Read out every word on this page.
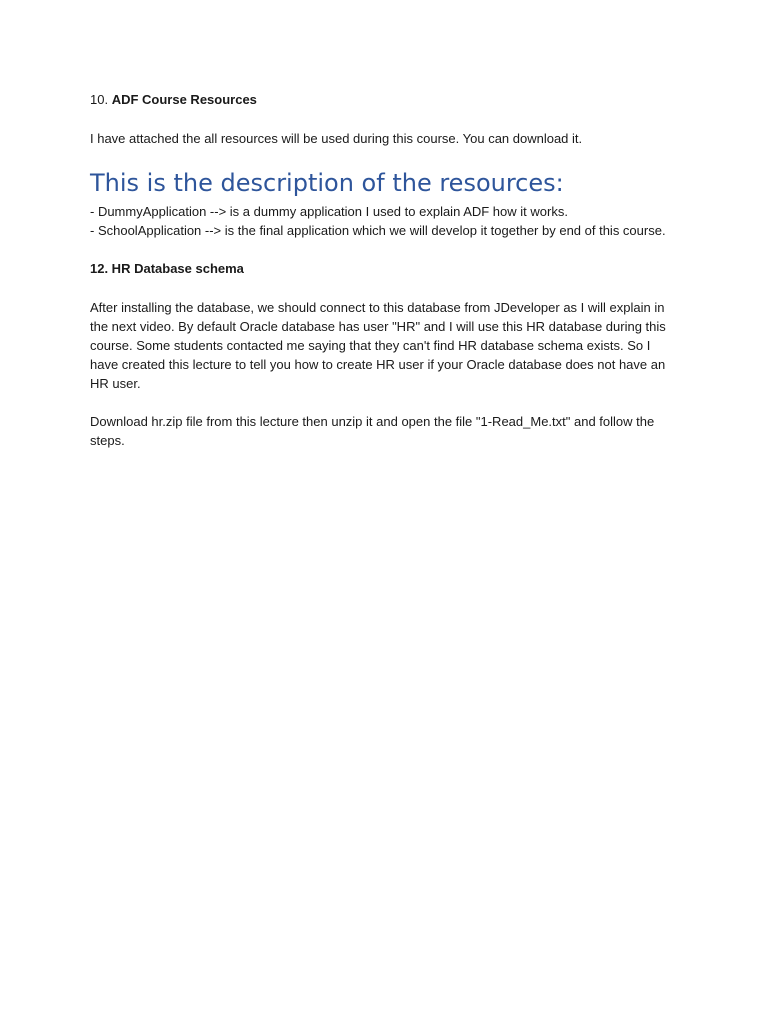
10. ADF Course Resources

I have attached the all resources will be used during this course. You can download it.

This is the description of the resources:

- DummyApplication --> is a dummy application I used to explain ADF how it works.

- SchoolApplication --> is the final application which we will develop it together by end of this course.

12. HR Database schema

After installing the database, we should connect to this database from JDeveloper as I will explain in the next video. By default Oracle database has user "HR" and I will use this HR database during this course. Some students contacted me saying that they can't find HR database schema exists. So I have created this lecture to tell you how to create HR user if your Oracle database does not have an HR user.

Download hr.zip file from this lecture then unzip it and open the file "1-Read_Me.txt" and follow the steps.
